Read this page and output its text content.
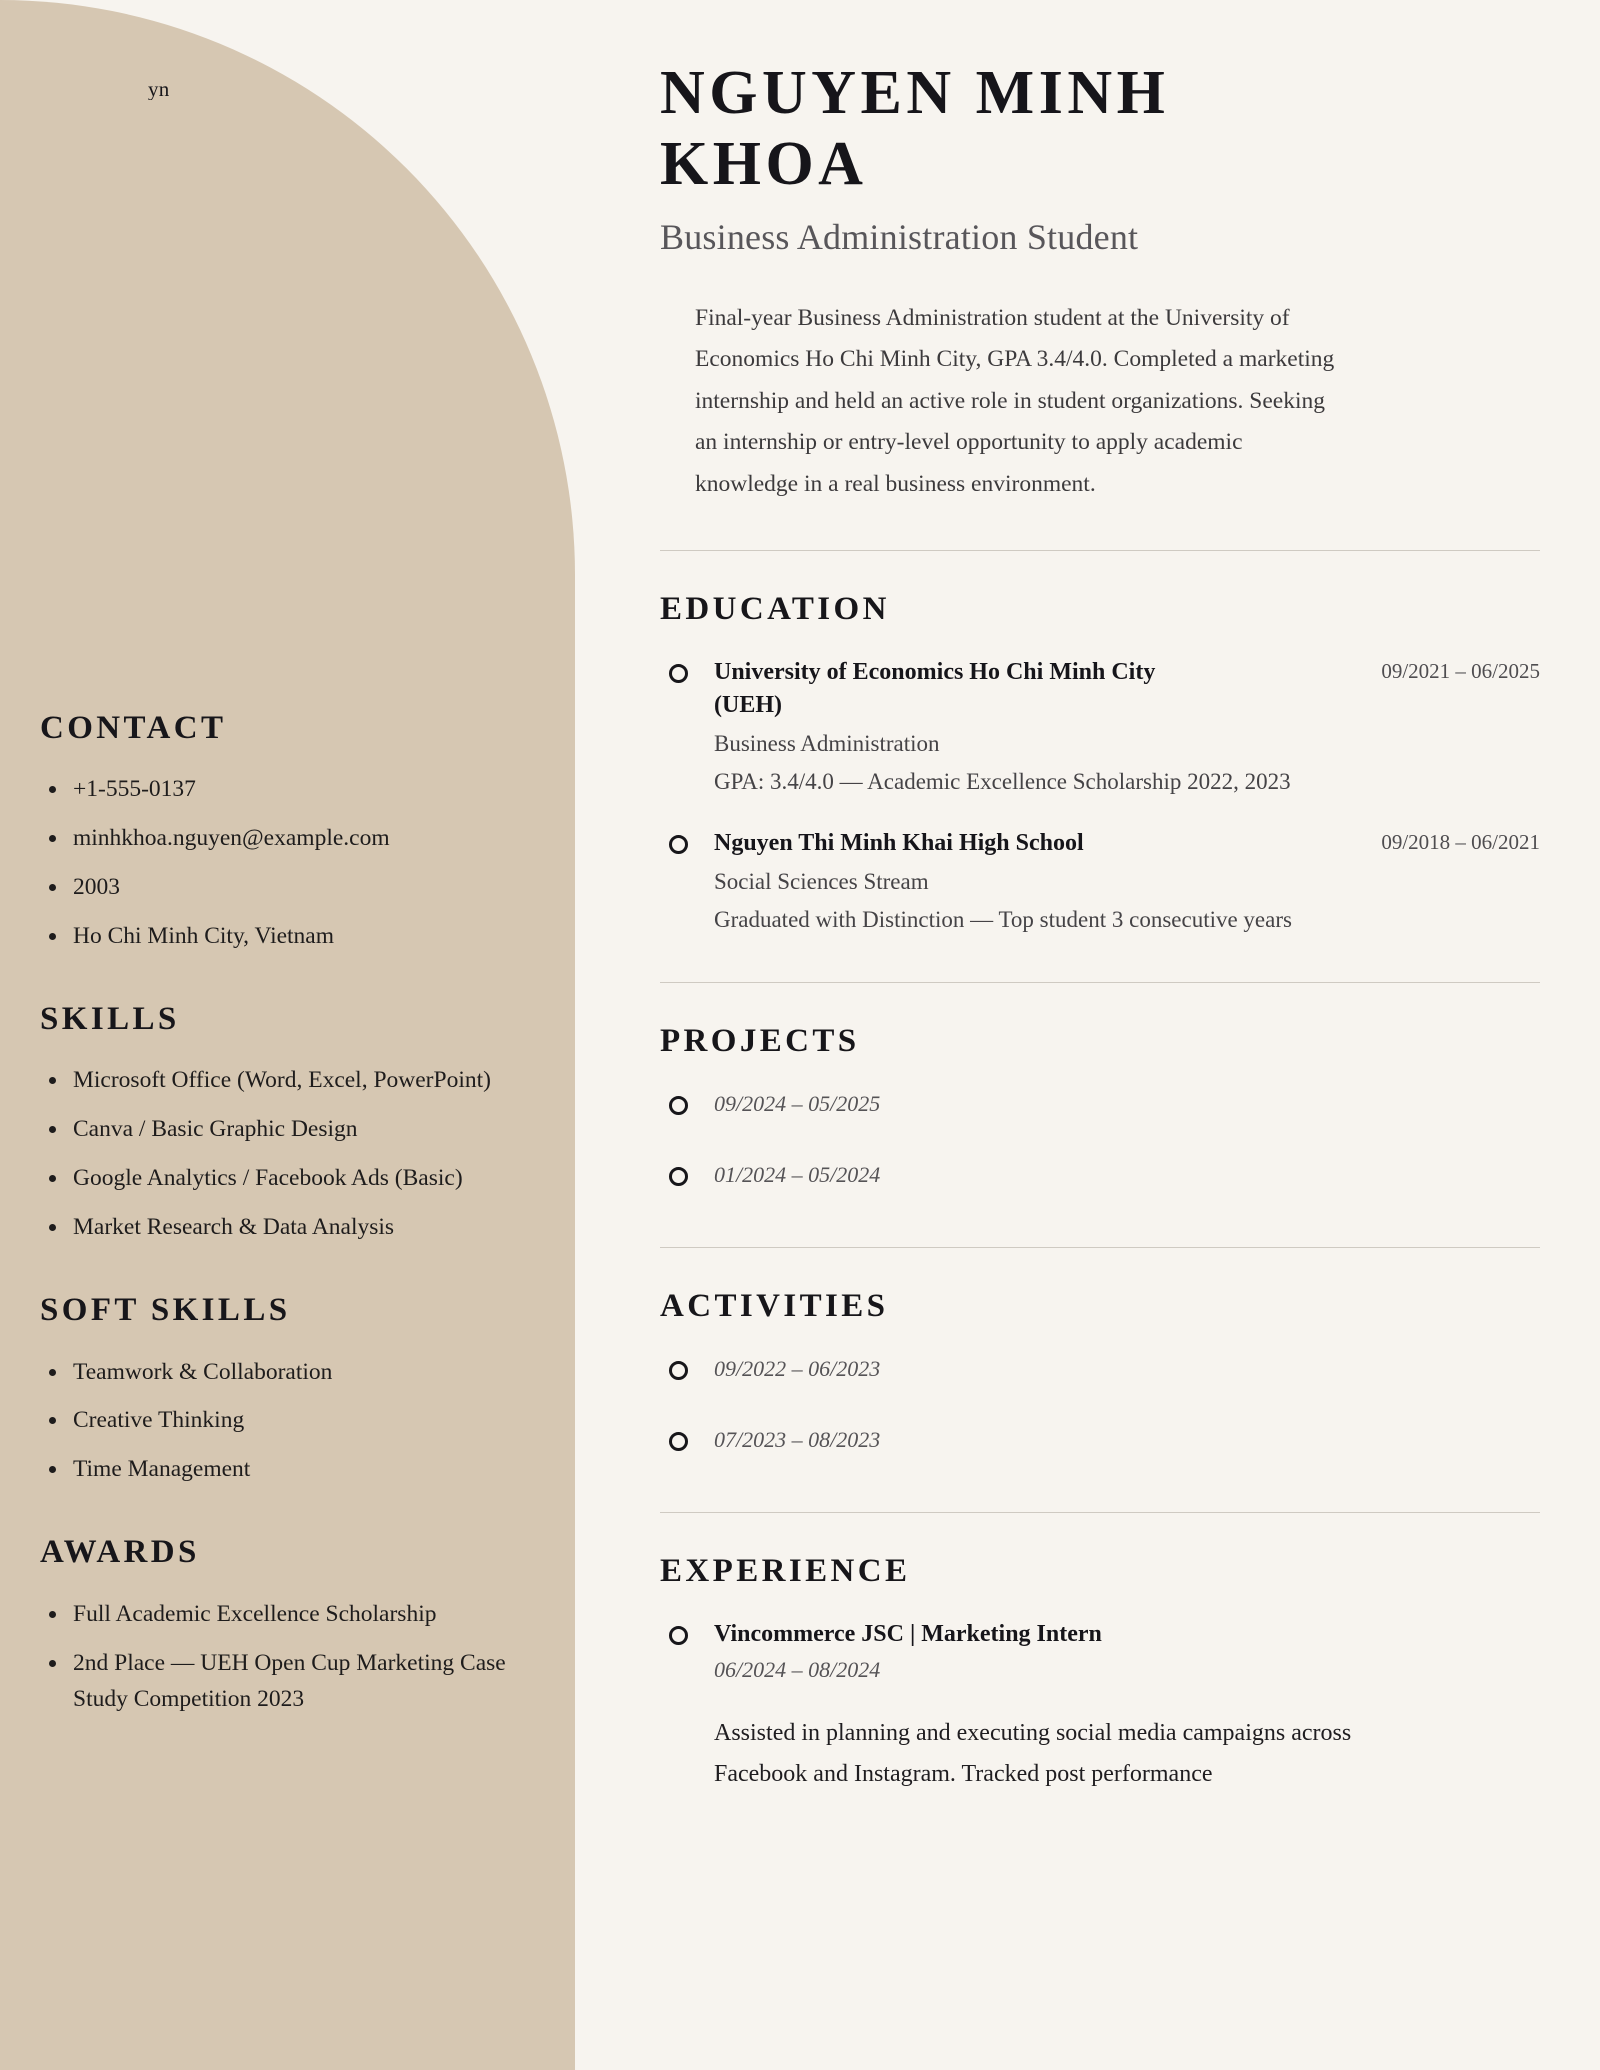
yn
CONTACT
+1-555-0137
minhkhoa.nguyen@example.com
2003
Ho Chi Minh City, Vietnam
SKILLS
Microsoft Office (Word, Excel, PowerPoint)
Canva / Basic Graphic Design
Google Analytics / Facebook Ads (Basic)
Market Research & Data Analysis
SOFT SKILLS
Teamwork & Collaboration
Creative Thinking
Time Management
AWARDS
Full Academic Excellence Scholarship
2nd Place — UEH Open Cup Marketing Case Study Competition 2023
NGUYEN MINH KHOA
Business Administration Student

Final-year Business Administration student at the University of Economics Ho Chi Minh City, GPA 3.4/4.0. Completed a marketing internship and held an active role in student organizations. Seeking an internship or entry-level opportunity to apply academic knowledge in a real business environment.

EDUCATION
University of Economics Ho Chi Minh City (UEH)
09/2021 – 06/2025
Business Administration
GPA: 3.4/4.0 — Academic Excellence Scholarship 2022, 2023
Nguyen Thi Minh Khai High School	09/2018 – 06/2021
Social Sciences Stream
Graduated with Distinction — Top student 3 consecutive years
PROJECTS
09/2024 – 05/2025
01/2024 – 05/2024
ACTIVITIES
09/2022 – 06/2023
07/2023 – 08/2023
EXPERIENCE
Vincommerce JSC | Marketing Intern
06/2024 – 08/2024
Assisted in planning and executing social media campaigns across Facebook and Instagram. Tracked post performance
